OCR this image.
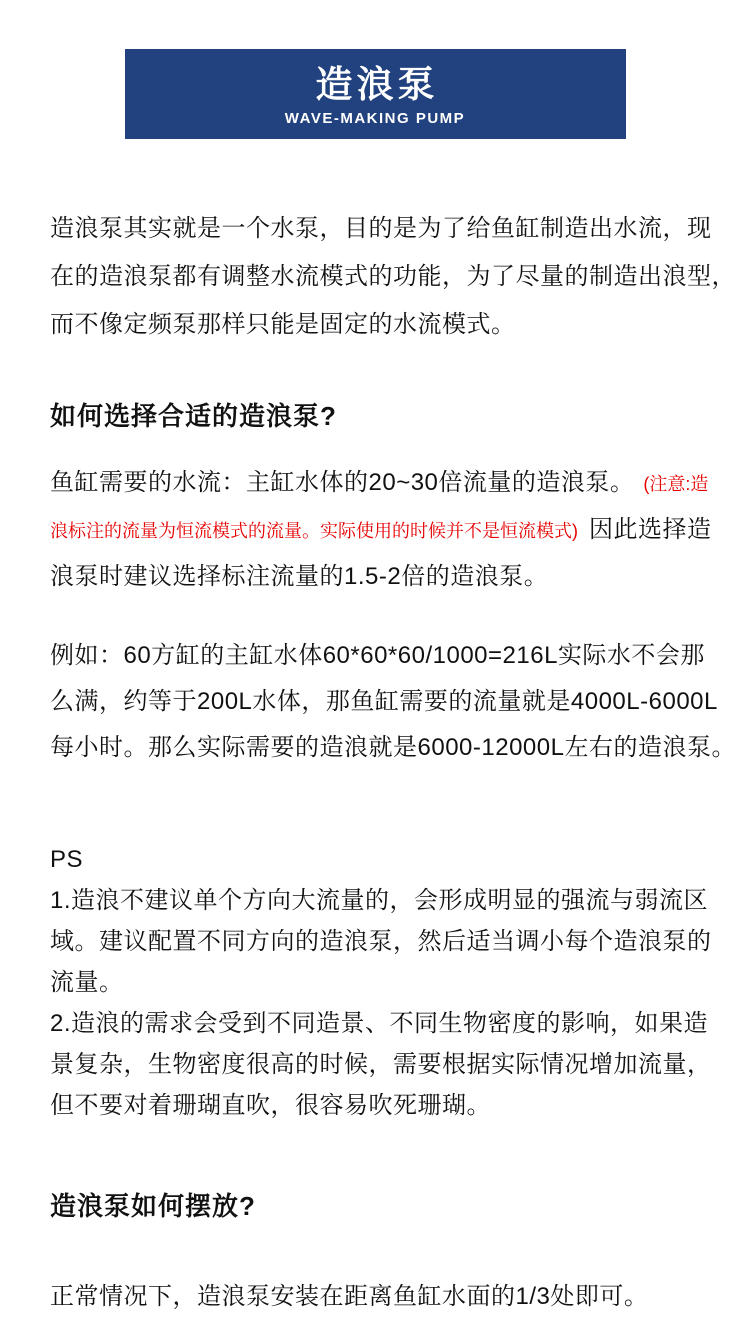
造浪泵
WAVE-MAKING PUMP
造浪泵其实就是一个水泵，目的是为了给鱼缸制造出水流，现
在的造浪泵都有调整水流模式的功能，为了尽量的制造出浪型，
而不像定频泵那样只能是固定的水流模式。
如何选择合适的造浪泵?
鱼缸需要的水流：主缸水体的20~30倍流量的造浪泵。 (注意:造
浪标注的流量为恒流模式的流量。实际使用的时候并不是恒流模式) 因此选择造
浪泵时建议选择标注流量的1.5-2倍的造浪泵。
例如：60方缸的主缸水体60*60*60/1000=216L实际水不会那
么满，约等于200L水体，那鱼缸需要的流量就是4000L-6000L
每小时。那么实际需要的造浪就是6000-12000L左右的造浪泵。
PS
1.造浪不建议单个方向大流量的，会形成明显的强流与弱流区
域。建议配置不同方向的造浪泵，然后适当调小每个造浪泵的
流量。
2.造浪的需求会受到不同造景、不同生物密度的影响，如果造
景复杂，生物密度很高的时候，需要根据实际情况增加流量，
但不要对着珊瑚直吹，很容易吹死珊瑚。
造浪泵如何摆放?
正常情况下，造浪泵安装在距离鱼缸水面的1/3处即可。
